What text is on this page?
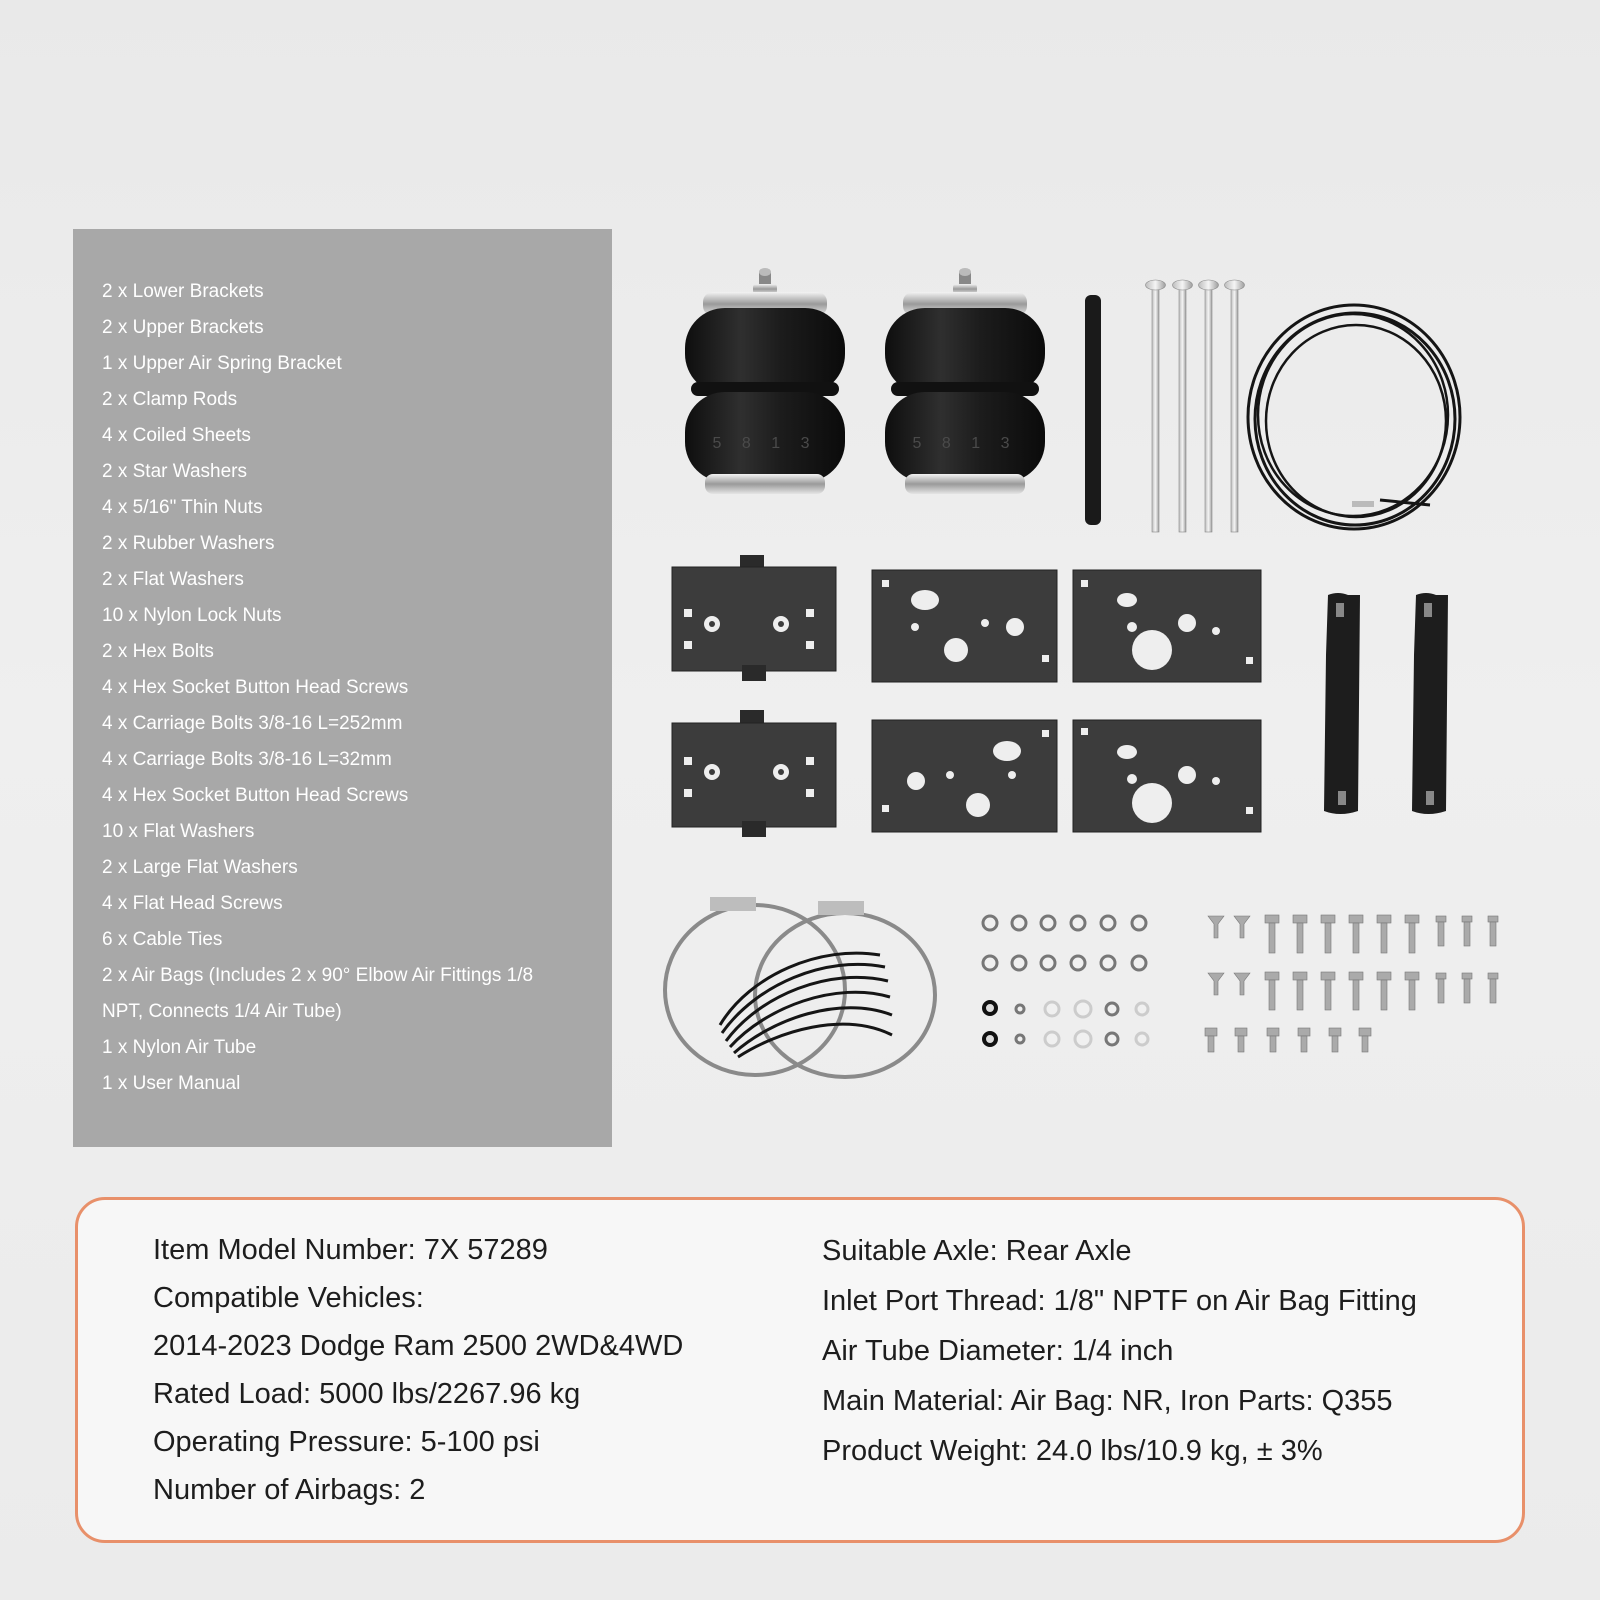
2 x Lower Brackets
2 x Upper Brackets
1 x Upper Air Spring Bracket
2 x Clamp Rods
4 x Coiled Sheets
2 x Star Washers
4 x 5/16" Thin Nuts
2 x Rubber Washers
2 x Flat Washers
10 x Nylon Lock Nuts
2 x Hex Bolts
4 x Hex Socket Button Head Screws
4 x Carriage Bolts 3/8-16 L=252mm
4 x Carriage Bolts 3/8-16 L=32mm
4 x Hex Socket Button Head Screws
10 x Flat Washers
2 x Large Flat Washers
4 x Flat Head Screws
6 x Cable Ties
2 x Air Bags (Includes 2 x 90° Elbow Air Fittings 1/8 NPT, Connects 1/4 Air Tube)
1 x Nylon Air Tube
1 x User Manual
5 8 1 3	5 8 1 3
Item Model Number: 7X 57289
Compatible Vehicles:
2014-2023 Dodge Ram 2500 2WD&4WD
Rated Load: 5000 lbs/2267.96 kg
Operating Pressure: 5-100 psi
Number of Airbags: 2
Suitable Axle: Rear Axle
Inlet Port Thread: 1/8" NPTF on Air Bag Fitting
Air Tube Diameter: 1/4 inch
Main Material: Air Bag: NR, Iron Parts: Q355
Product Weight: 24.0 lbs/10.9 kg, ± 3%
